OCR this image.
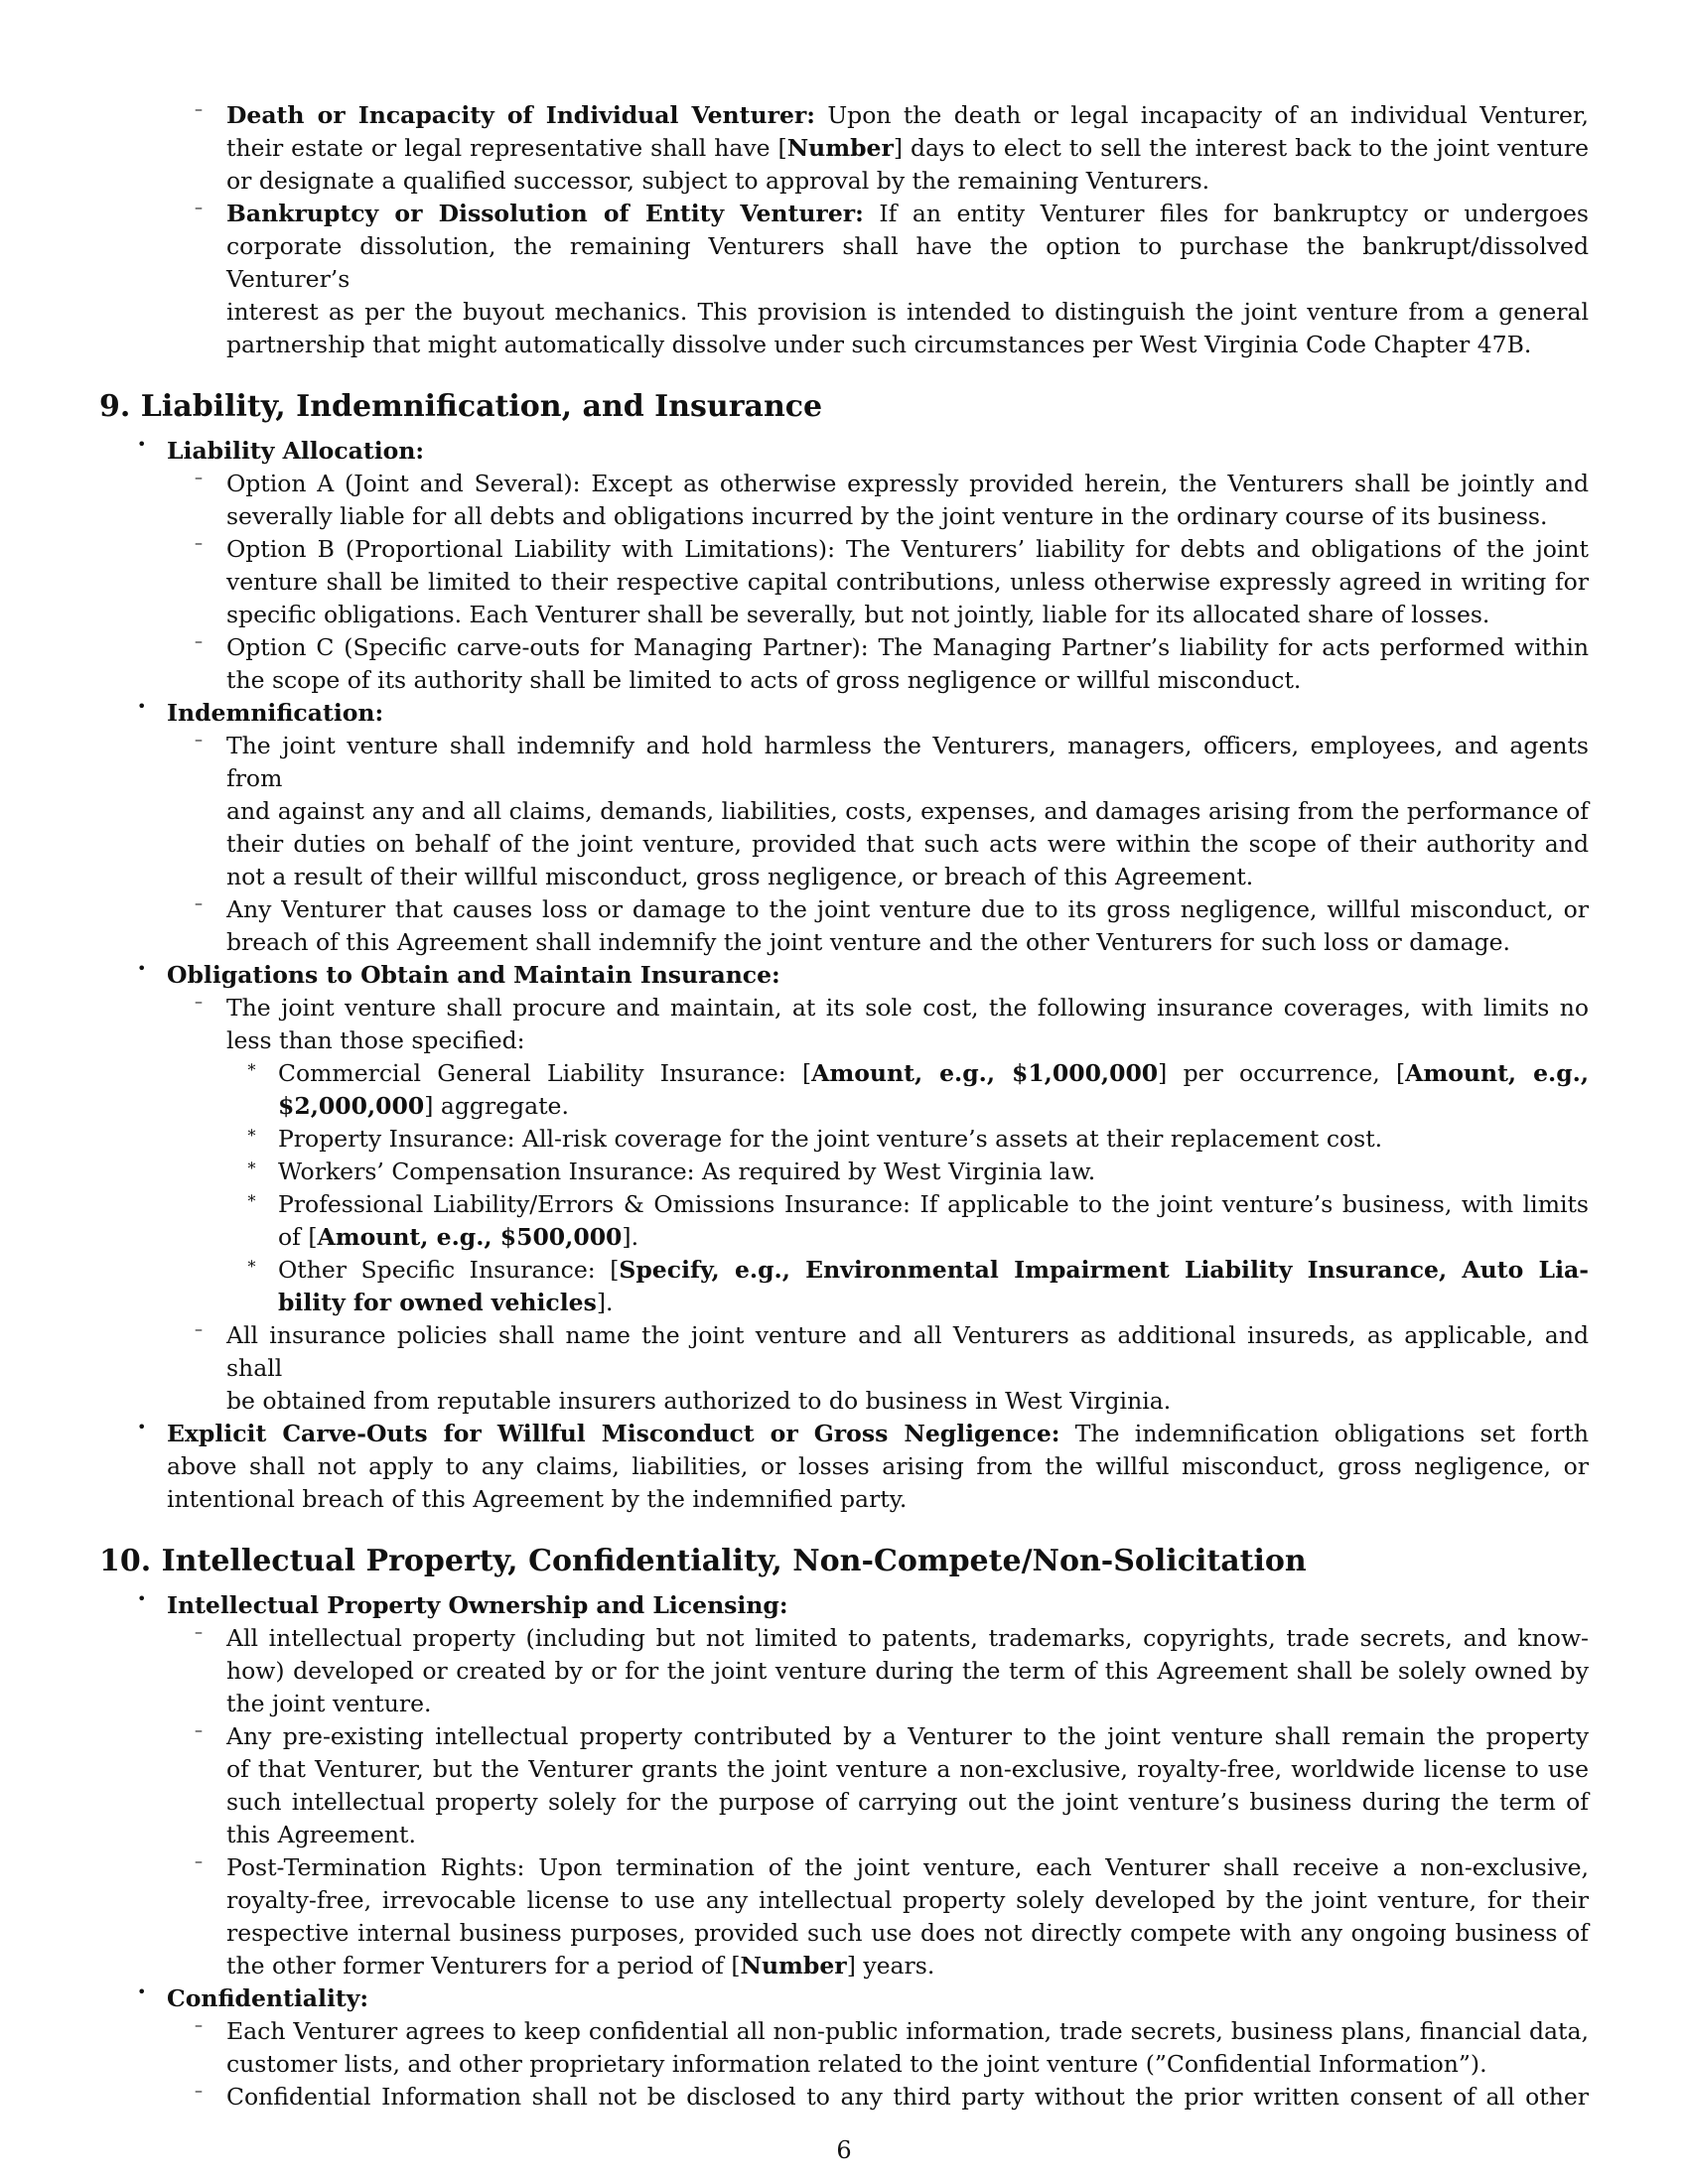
–	Death or Incapacity of Individual Venturer: Upon the death or legal incapacity of an individual Venturer,
their estate or legal representative shall have [Number] days to elect to sell the interest back to the joint venture
or designate a qualified successor, subject to approval by the remaining Venturers.
–	Bankruptcy or Dissolution of Entity Venturer: If an entity Venturer files for bankruptcy or undergoes
corporate dissolution, the remaining Venturers shall have the option to purchase the bankrupt/dissolved Venturer’s
interest as per the buyout mechanics. This provision is intended to distinguish the joint venture from a general
partnership that might automatically dissolve under such circumstances per West Virginia Code Chapter 47B.
9. Liability, Indemnification, and Insurance
• Liability Allocation:
–	Option A (Joint and Several): Except as otherwise expressly provided herein, the Venturers shall be jointly and
severally liable for all debts and obligations incurred by the joint venture in the ordinary course of its business.
–	Option B (Proportional Liability with Limitations): The Venturers’ liability for debts and obligations of the joint
venture shall be limited to their respective capital contributions, unless otherwise expressly agreed in writing for
specific obligations. Each Venturer shall be severally, but not jointly, liable for its allocated share of losses.
–	Option C (Specific carve-outs for Managing Partner): The Managing Partner’s liability for acts performed within
the scope of its authority shall be limited to acts of gross negligence or willful misconduct.
• Indemnification:
–	The joint venture shall indemnify and hold harmless the Venturers, managers, officers, employees, and agents from
and against any and all claims, demands, liabilities, costs, expenses, and damages arising from the performance of
their duties on behalf of the joint venture, provided that such acts were within the scope of their authority and
not a result of their willful misconduct, gross negligence, or breach of this Agreement.
–	Any Venturer that causes loss or damage to the joint venture due to its gross negligence, willful misconduct, or
breach of this Agreement shall indemnify the joint venture and the other Venturers for such loss or damage.
• Obligations to Obtain and Maintain Insurance:
–	The joint venture shall procure and maintain, at its sole cost, the following insurance coverages, with limits no
less than those specified:
∗ Commercial General Liability Insurance: [Amount, e.g., $1,000,000] per occurrence, [Amount, e.g.,
$2,000,000] aggregate.
∗ Property Insurance: All-risk coverage for the joint venture’s assets at their replacement cost.
∗ Workers’ Compensation Insurance: As required by West Virginia law.
∗ Professional Liability/Errors & Omissions Insurance: If applicable to the joint venture’s business, with limits
of [Amount, e.g., $500,000].
∗ Other Specific Insurance: [Specify, e.g., Environmental Impairment Liability Insurance, Auto Lia-
bility for owned vehicles].
–	All insurance policies shall name the joint venture and all Venturers as additional insureds, as applicable, and shall
be obtained from reputable insurers authorized to do business in West Virginia.
• Explicit Carve-Outs for Willful Misconduct or Gross Negligence: The indemnification obligations set forth
above shall not apply to any claims, liabilities, or losses arising from the willful misconduct, gross negligence, or
intentional breach of this Agreement by the indemnified party.
10. Intellectual Property, Confidentiality, Non-Compete/Non-Solicitation
• Intellectual Property Ownership and Licensing:
–	All intellectual property (including but not limited to patents, trademarks, copyrights, trade secrets, and know-
how) developed or created by or for the joint venture during the term of this Agreement shall be solely owned by
the joint venture.
–	Any pre-existing intellectual property contributed by a Venturer to the joint venture shall remain the property
of that Venturer, but the Venturer grants the joint venture a non-exclusive, royalty-free, worldwide license to use
such intellectual property solely for the purpose of carrying out the joint venture’s business during the term of
this Agreement.
–	Post-Termination Rights: Upon termination of the joint venture, each Venturer shall receive a non-exclusive,
royalty-free, irrevocable license to use any intellectual property solely developed by the joint venture, for their
respective internal business purposes, provided such use does not directly compete with any ongoing business of
the other former Venturers for a period of [Number] years.
• Confidentiality:
–	Each Venturer agrees to keep confidential all non-public information, trade secrets, business plans, financial data,
customer lists, and other proprietary information related to the joint venture (”Confidential Information”).
–	Confidential Information shall not be disclosed to any third party without the prior written consent of all other
6
